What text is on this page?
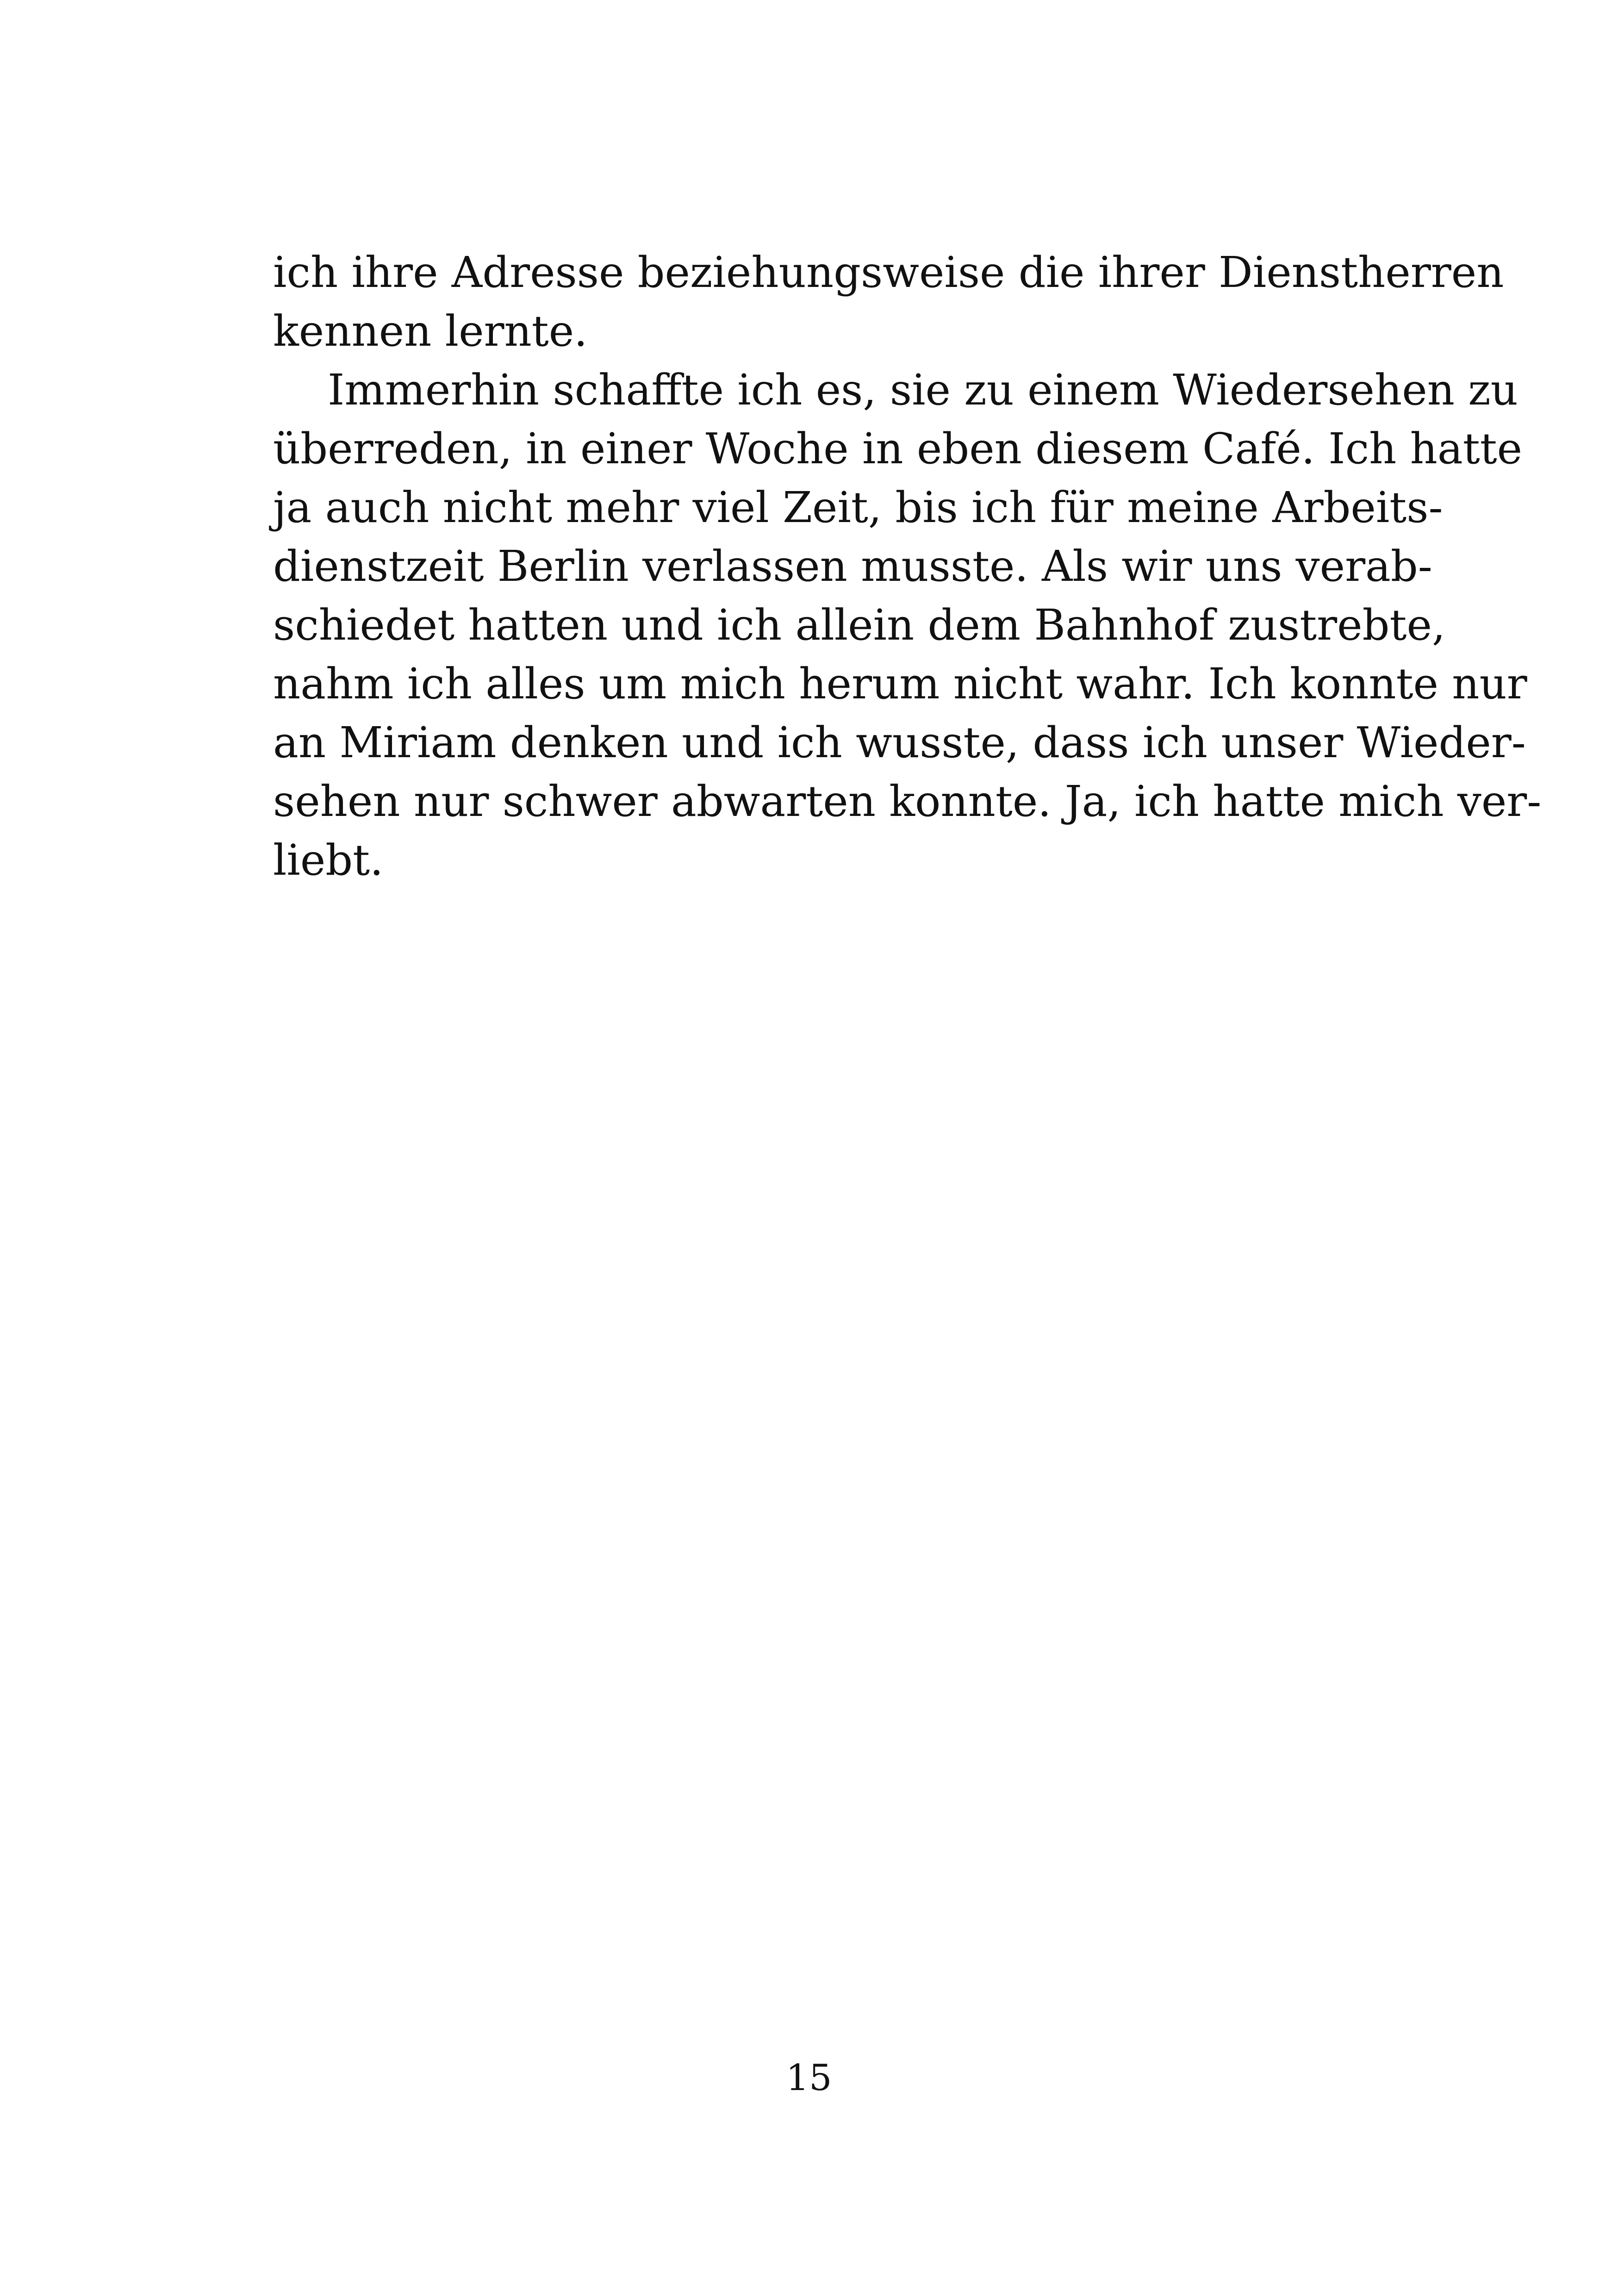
ich ihre Adresse beziehungsweise die ihrer Dienstherren
kennen lernte.
Immerhin schaffte ich es, sie zu einem Wiedersehen zu
überreden, in einer Woche in eben diesem Café. Ich hatte
ja auch nicht mehr viel Zeit, bis ich für meine Arbeits-
dienstzeit Berlin verlassen musste. Als wir uns verab-
schiedet hatten und ich allein dem Bahnhof zustrebte,
nahm ich alles um mich herum nicht wahr. Ich konnte nur
an Miriam denken und ich wusste, dass ich unser Wieder-
sehen nur schwer abwarten konnte. Ja, ich hatte mich ver-
liebt.
15
